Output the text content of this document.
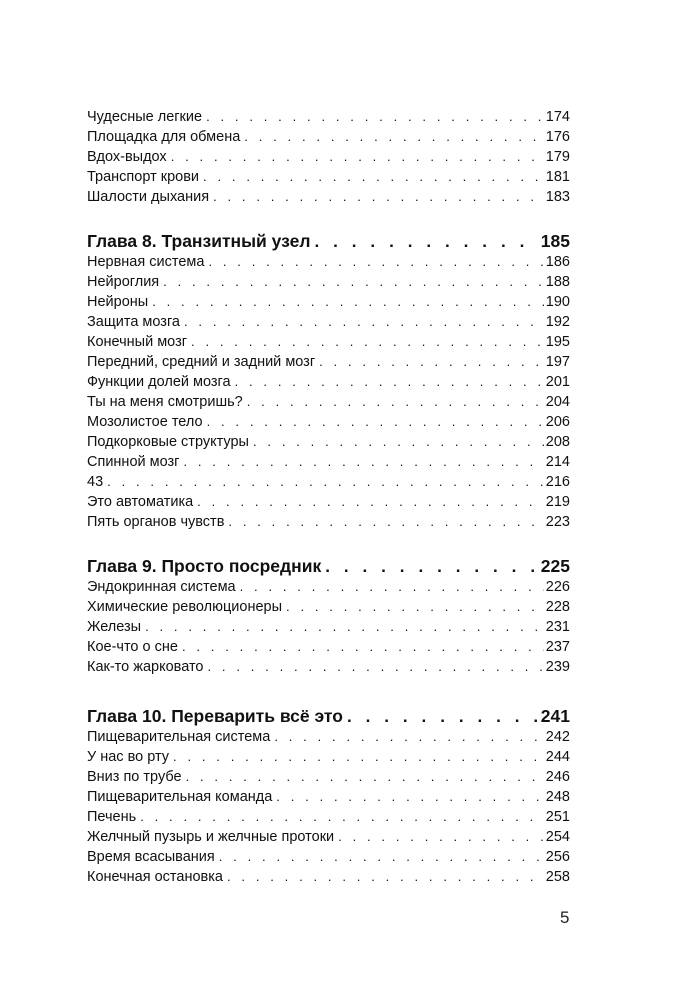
Чудесные легкие . . .	174
Площадка для обмена . . .	176
Вдох-выдох . . .	179
Транспорт крови . . .	181
Шалости дыхания . . .	183
Глава 8. Транзитный узел . . .	185
Нервная система . . .	186
Нейроглия . . .	188
Нейроны . . .	190
Защита мозга . . .	192
Конечный мозг . . .	195
Передний, средний и задний мозг . . .	197
Функции долей мозга . . .	201
Ты на меня смотришь? . . .	204
Мозолистое тело . . .	206
Подкорковые структуры . . .	208
Спинной мозг . . .	214
43 . . .	216
Это автоматика . . .	219
Пять органов чувств . . .	223
Глава 9. Просто посредник . . .	225
Эндокринная система . . .	226
Химические революционеры . . .	228
Железы . . .	231
Кое-что о сне . . .	237
Как-то жарковато . . .	239
Глава 10. Переварить всё это . . .	241
Пищеварительная система . . .	242
У нас во рту . . .	244
Вниз по трубе . . .	246
Пищеварительная команда . . .	248
Печень . . .	251
Желчный пузырь и желчные протоки . . .	254
Время всасывания . . .	256
Конечная остановка . . .	258
5
